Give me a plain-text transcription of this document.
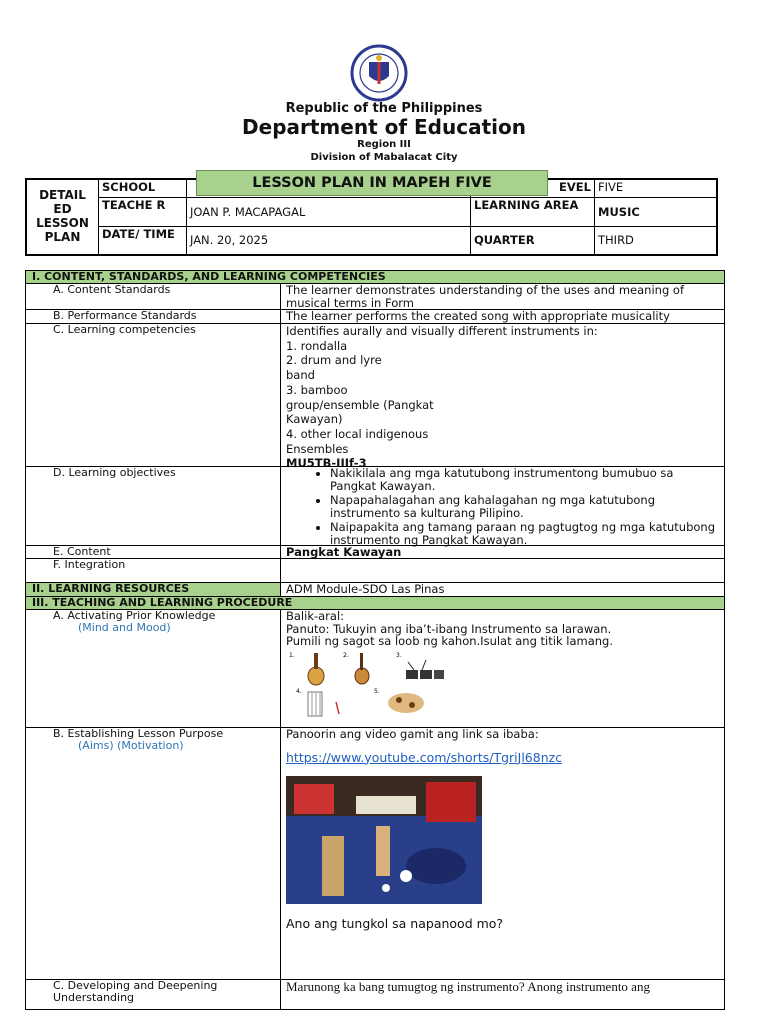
Republic of the Philippines
Department of Education
Region III
Division of Mabalacat City
DETAIL ED LESSON PLAN
SCHOOL	EVEL FIVE
TEACHE R	JOAN P. MACAPAGAL	LEARNING AREA	MUSIC
DATE/ TIME	JAN. 20, 2025	QUARTER	THIRD
LESSON PLAN IN MAPEH FIVE
I. CONTENT, STANDARDS, AND LEARNING COMPETENCIES
A. Content Standards	The learner demonstrates understanding of the uses and meaning of musical terms in Form
B. Performance Standards	The learner performs the created song with appropriate musicality
C. Learning competencies	Identifies aurally and visually different instruments in:
1. rondalla
2. drum and lyre
band
3. bamboo
group/ensemble (Pangkat
Kawayan)
4. other local indigenous
Ensembles
MU5TB-IIIf-3
D. Learning objectives
•	Nakikilala ang mga katutubong instrumentong bumubuo sa Pangkat Kawayan.
• Napapahalagahan ang kahalagahan ng mga katutubong instrumento sa kulturang Pilipino.
• Naipapakita ang tamang paraan ng pagtugtog ng mga katutubong instrumento ng Pangkat Kawayan.
E. Content	Pangkat Kawayan
F. Integration
II. LEARNING RESOURCES	ADM Module-SDO Las Pinas
III. TEACHING AND LEARNING PROCEDURE
A. Activating Prior Knowledge
(Mind and Mood)
Balik-aral:
Panuto: Tukuyin ang iba’t-ibang Instrumento sa larawan.
Pumili ng sagot sa loob ng kahon.Isulat ang titik lamang.
1.	2.	3.
4.	5.
B. Establishing Lesson Purpose
(Aims) (Motivation)
Panoorin ang video gamit ang link sa ibaba:
https://www.youtube.com/shorts/TgriJl68nzc
Ano ang tungkol sa napanood mo?
C. Developing and Deepening Understanding
Marunong ka bang tumugtog ng instrumento? Anong instrumento ang
